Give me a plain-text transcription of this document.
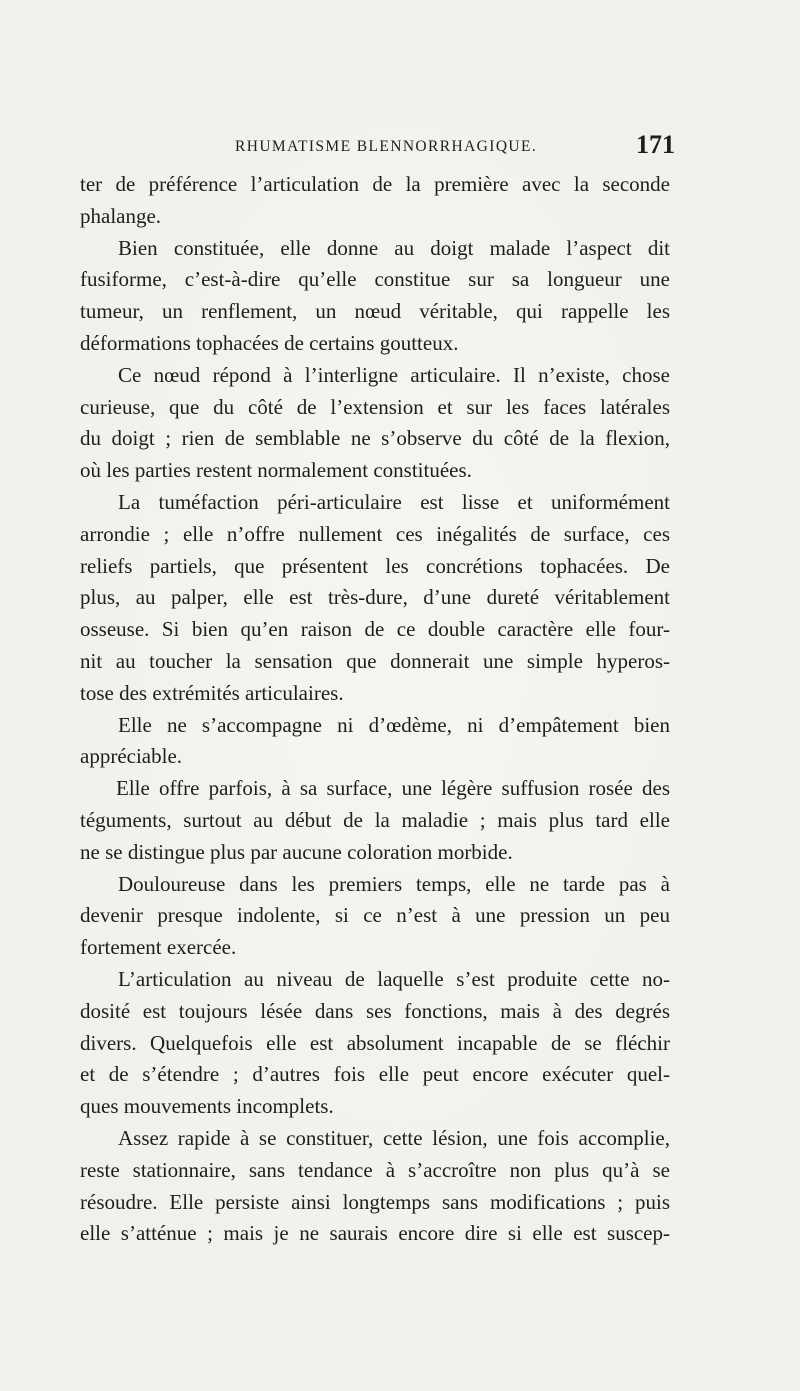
RHUMATISME BLENNORRHAGIQUE.	171
ter de préférence l’articulation de la première avec la seconde
phalange.
Bien constituée, elle donne au doigt malade l’aspect dit
fusiforme, c’est-à-dire qu’elle constitue sur sa longueur une
tumeur, un renflement, un nœud véritable, qui rappelle les
déformations tophacées de certains goutteux.
Ce nœud répond à l’interligne articulaire. Il n’existe, chose
curieuse, que du côté de l’extension et sur les faces latérales
du doigt ; rien de semblable ne s’observe du côté de la flexion,
où les parties restent normalement constituées.
La tuméfaction péri-articulaire est lisse et uniformément
arrondie ; elle n’offre nullement ces inégalités de surface, ces
reliefs partiels, que présentent les concrétions tophacées. De
plus, au palper, elle est très-dure, d’une dureté véritablement
osseuse. Si bien qu’en raison de ce double caractère elle four-
nit au toucher la sensation que donnerait une simple hyperos-
tose des extrémités articulaires.
Elle ne s’accompagne ni d’œdème, ni d’empâtement bien
appréciable.
Elle offre parfois, à sa surface, une légère suffusion rosée des
téguments, surtout au début de la maladie ; mais plus tard elle
ne se distingue plus par aucune coloration morbide.
Douloureuse dans les premiers temps, elle ne tarde pas à
devenir presque indolente, si ce n’est à une pression un peu
fortement exercée.
L’articulation au niveau de laquelle s’est produite cette no-
dosité est toujours lésée dans ses fonctions, mais à des degrés
divers. Quelquefois elle est absolument incapable de se fléchir
et de s’étendre ; d’autres fois elle peut encore exécuter quel-
ques mouvements incomplets.
Assez rapide à se constituer, cette lésion, une fois accomplie,
reste stationnaire, sans tendance à s’accroître non plus qu’à se
résoudre. Elle persiste ainsi longtemps sans modifications ; puis
elle s’atténue ; mais je ne saurais encore dire si elle est suscep-
